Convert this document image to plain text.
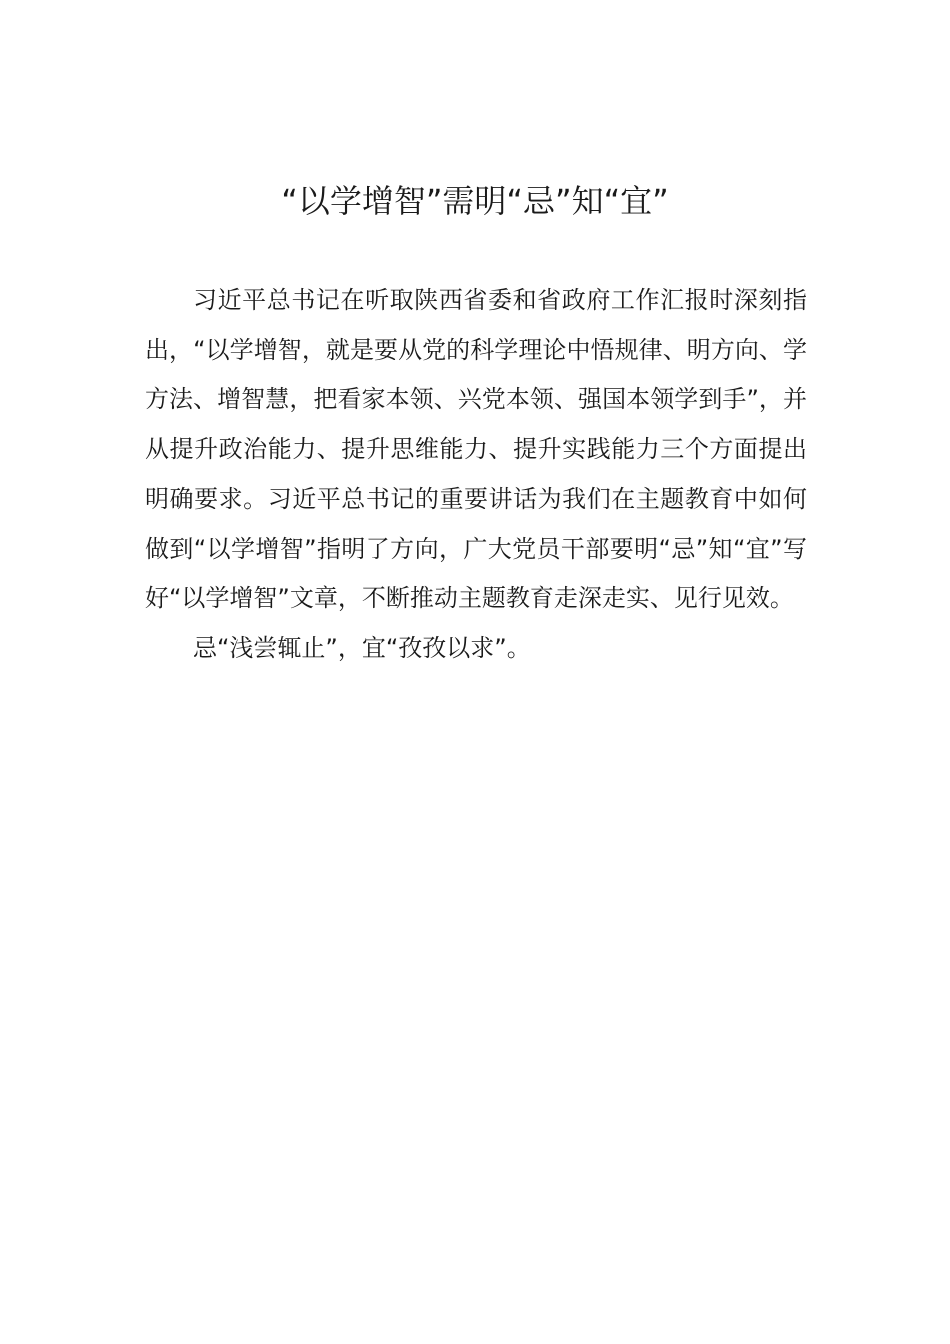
“以学增智”需明“忌”知“宜”

习近平总书记在听取陕西省委和省政府工作汇报时深刻指出，“以学增智，就是要从党的科学理论中悟规律、明方向、学方法、增智慧，把看家本领、兴党本领、强国本领学到手”，并从提升政治能力、提升思维能力、提升实践能力三个方面提出明确要求。习近平总书记的重要讲话为我们在主题教育中如何做到“以学增智”指明了方向，广大党员干部要明“忌”知“宜”写好“以学增智”文章，不断推动主题教育走深走实、见行见效。

忌“浅尝辄止”，宜“孜孜以求”。
